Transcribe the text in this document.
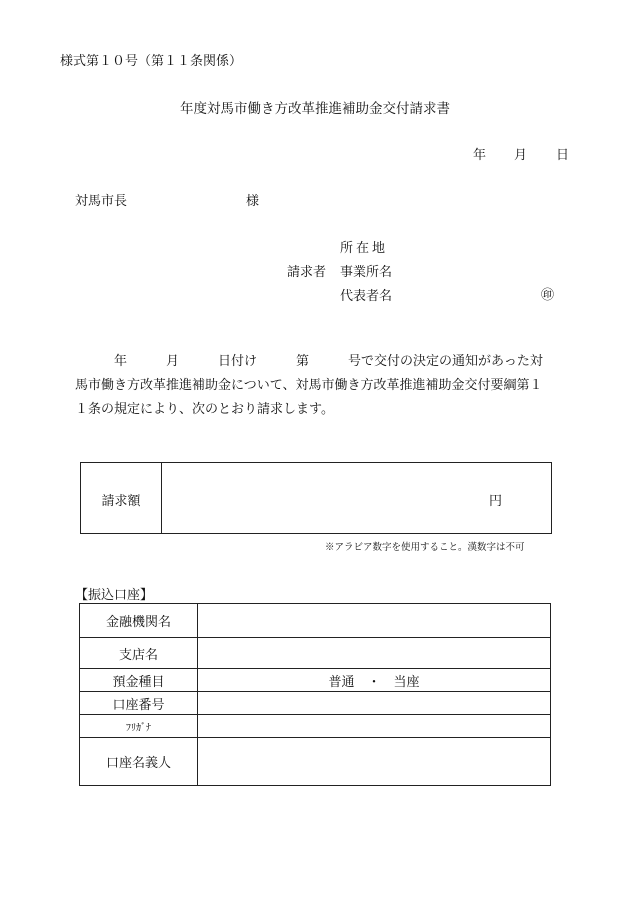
様式第１０号（第１１条関係）
年度対馬市働き方改革推進補助金交付請求書
年 月 日
対馬市長	様
所在地
請求者 事業所名
代表者名	㊞
　　　年　　　月　　　日付け　　　第　　　号で交付の決定の通知があった対
馬市働き方改革推進補助金について、対馬市働き方改革推進補助金交付要綱第１
１条の規定により、次のとおり請求します。
請求額	円
※アラビア数字を使用すること。漢数字は不可
【振込口座】
金融機関名	
支店名	
預金種目	普通　・　当座
口座番号	
ﾌﾘｶﾞﾅ	
口座名義人	
